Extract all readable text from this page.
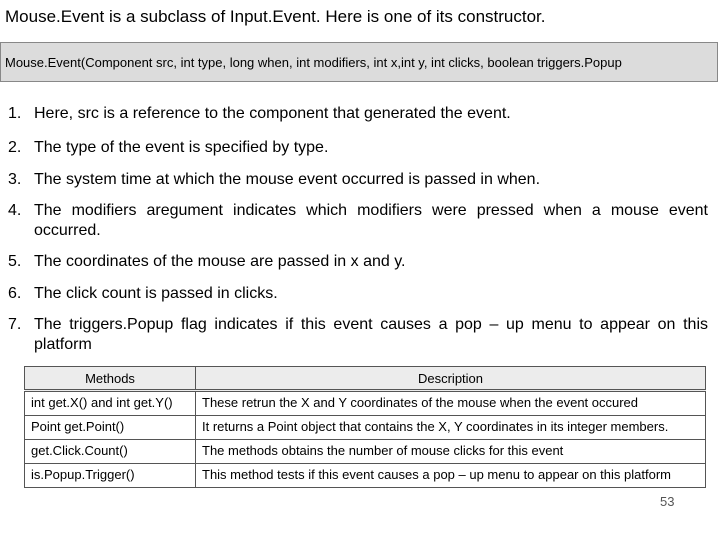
Mouse.Event is a subclass of Input.Event. Here is one of its constructor.
Mouse.Event(Component src, int type, long when, int modifiers, int x,int y, int clicks, boolean triggers.Popup
1. Here, src is a reference to the component that generated the event.
2. The type of the event is specified by type.
3. The system time at which the mouse event occurred is passed in when.
4. The modifiers aregument indicates which modifiers were pressed when a mouse event occurred.
5. The coordinates of the mouse are passed in x and y.
6. The click count is passed in clicks.
7. The triggers.Popup flag indicates if this event causes a pop – up menu to appear on this platform
Methods	Description
int get.X() and int get.Y()	These retrun the X and Y coordinates of the mouse when the event occured
Point get.Point()	It returns a Point object that contains the X, Y coordinates in its integer members.
get.Click.Count()	The methods obtains the number of mouse clicks for this event
is.Popup.Trigger()	This method tests if this event causes a pop – up menu to appear on this platform
53
